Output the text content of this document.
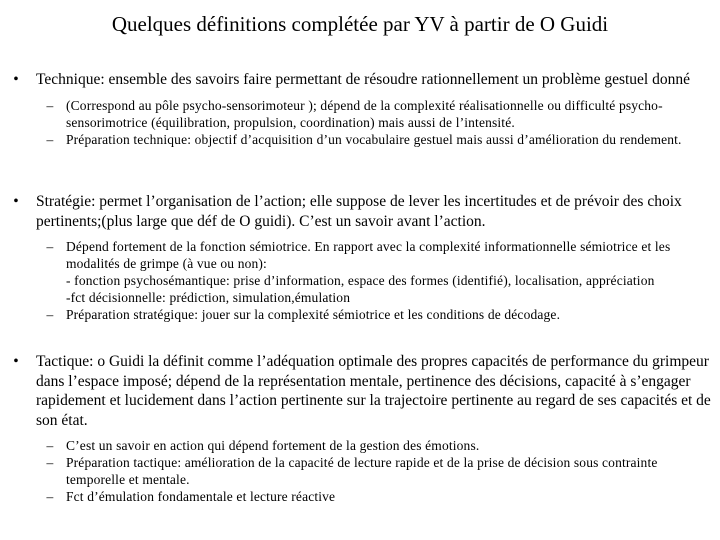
Quelques définitions complétée par YV à partir de O Guidi
•	Technique: ensemble des savoirs faire permettant de résoudre rationnellement un problème gestuel donné
– (Correspond au pôle psycho-sensorimoteur ); dépend de la complexité réalisationnelle ou difficulté psycho-sensorimotrice (équilibration, propulsion, coordination) mais aussi de l’intensité.
– Préparation technique: objectif d’acquisition d’un vocabulaire gestuel mais aussi d’amélioration du rendement.
•	Stratégie: permet l’organisation de l’action; elle suppose de lever les incertitudes et de prévoir des choix pertinents;(plus large que déf de O guidi). C’est un savoir avant l’action.
– Dépend fortement de la fonction sémiotrice. En rapport avec la complexité informationnelle sémiotrice et les modalités de grimpe (à vue ou non):
- fonction psychosémantique: prise d’information, espace des formes (identifié), localisation, appréciation
-fct décisionnelle: prédiction, simulation,émulation
– Préparation stratégique: jouer sur la complexité sémiotrice et les conditions de décodage.
•	Tactique: o Guidi la définit comme l’adéquation optimale des propres capacités de performance du grimpeur dans l’espace imposé; dépend de la représentation mentale, pertinence des décisions, capacité à s’engager rapidement et lucidement dans l’action pertinente sur la trajectoire pertinente au regard de ses capacités et de son état.
– C’est un savoir en action qui dépend fortement de la gestion des émotions.
– Préparation tactique: amélioration de la capacité de lecture rapide et de la prise de décision sous contrainte temporelle et mentale.
– Fct d’émulation fondamentale et lecture réactive
